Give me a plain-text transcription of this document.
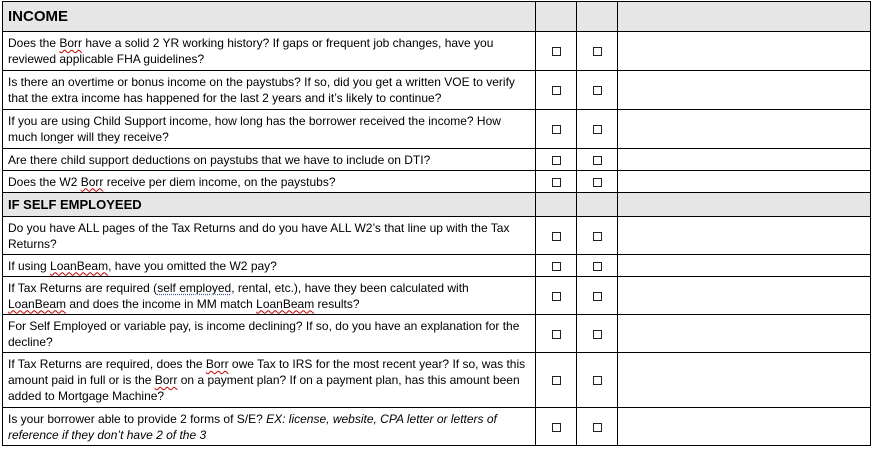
INCOME			
Does the Borr have a solid 2 YR working history? If gaps or frequent job changes, have you reviewed applicable FHA guidelines?			
Is there an overtime or bonus income on the paystubs? If so, did you get a written VOE to verify that the extra income has happened for the last 2 years and it’s likely to continue?			
If you are using Child Support income, how long has the borrower received the income? How much longer will they receive?			
Are there child support deductions on paystubs that we have to include on DTI?			
Does the W2 Borr receive per diem income, on the paystubs?			
IF SELF EMPLOYEED			
Do you have ALL pages of the Tax Returns and do you have ALL W2’s that line up with the Tax Returns?			
If using LoanBeam, have you omitted the W2 pay?			
If Tax Returns are required (self employed, rental, etc.), have they been calculated with LoanBeam and does the income in MM match LoanBeam results?			
For Self Employed or variable pay, is income declining? If so, do you have an explanation for the decline?			
If Tax Returns are required, does the Borr owe Tax to IRS for the most recent year? If so, was this amount paid in full or is the Borr on a payment plan? If on a payment plan, has this amount been added to Mortgage Machine?			
Is your borrower able to provide 2 forms of S/E? EX: license, website, CPA letter or letters of reference if they don’t have 2 of the 3			
